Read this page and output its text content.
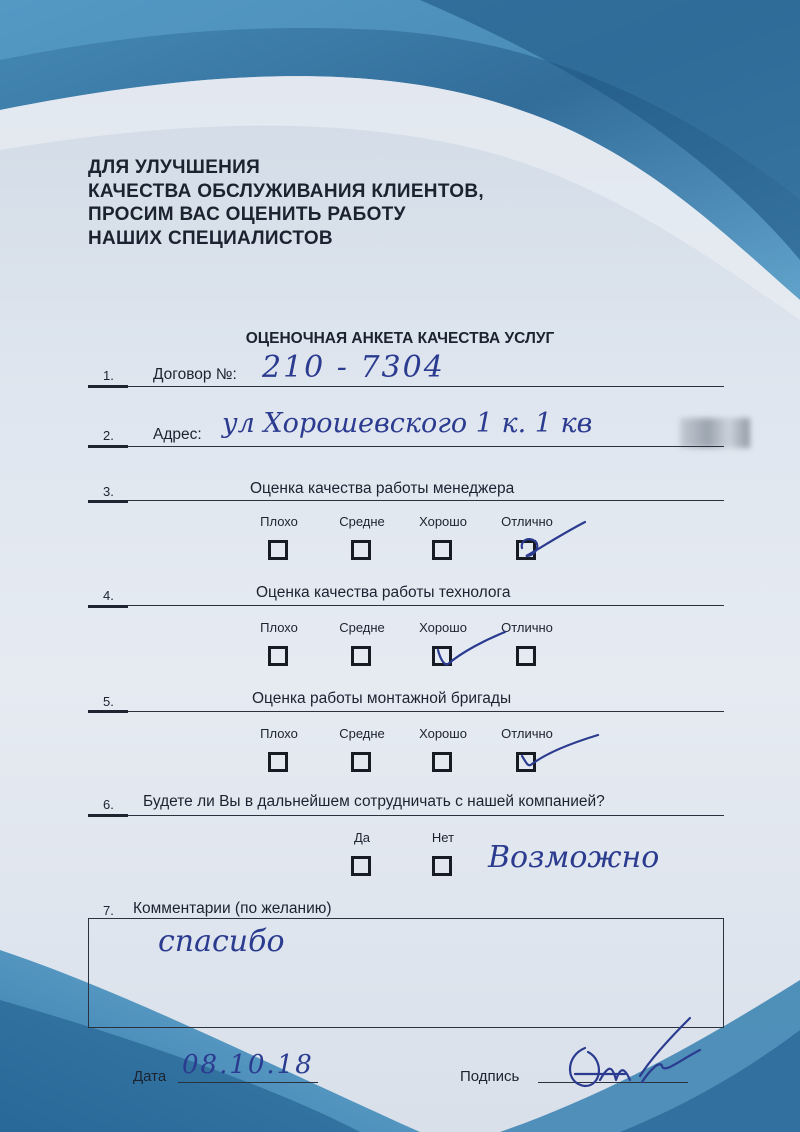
ДЛЯ УЛУЧШЕНИЯ
КАЧЕСТВА ОБСЛУЖИВАНИЯ КЛИЕНТОВ,
ПРОСИМ ВАС ОЦЕНИТЬ РАБОТУ
НАШИХ СПЕЦИАЛИСТОВ
ОЦЕНОЧНАЯ АНКЕТА КАЧЕСТВА УСЛУГ
1.	Договор №: 210 - 7304
2.	Адрес: ул Хорошевского 1 к. 1 кв
3.	Оценка качества работы менеджера
Плохо	Средне	Хорошо	Отлично
4.	Оценка качества работы технолога
Плохо	Средне	Хорошо	Отлично
5.	Оценка работы монтажной бригады
Плохо	Средне	Хорошо	Отлично
6. Будете ли Вы в дальнейшем сотрудничать с нашей компанией?
Да	Нет
Возможно
7. Комментарии (по желанию)
спасибо
Дата 08.10.18	Подпись
